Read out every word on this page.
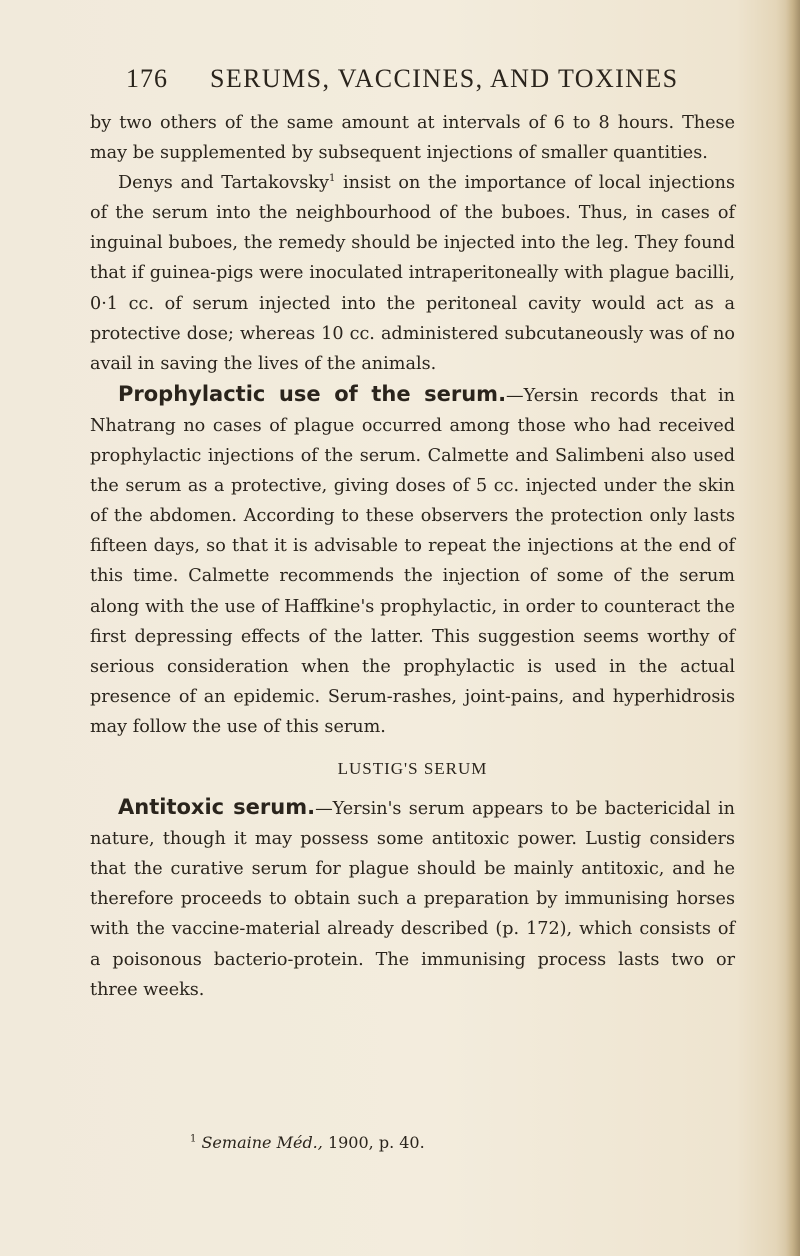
176 SERUMS, VACCINES, AND TOXINES

by two others of the same amount at intervals of 6 to 8 hours. These may be supplemented by subsequent injections of smaller quantities.

Denys and Tartakovsky$^1$ insist on the importance of local injections of the serum into the neighbourhood of the buboes. Thus, in cases of inguinal buboes, the remedy should be injected into the leg. They found that if guinea-pigs were inoculated intraperitoneally with plague bacilli, 0·1 cc. of serum injected into the peritoneal cavity would act as a protective dose; whereas 10 cc. administered subcutaneously was of no avail in saving the lives of the animals.

Prophylactic use of the serum.—Yersin records that in Nhatrang no cases of plague occurred among those who had received prophylactic injections of the serum. Calmette and Salimbeni also used the serum as a protective, giving doses of 5 cc. injected under the skin of the abdomen. According to these observers the protection only lasts fifteen days, so that it is advisable to repeat the injections at the end of this time. Calmette recommends the injection of some of the serum along with the use of Haffkine's prophylactic, in order to counteract the first depressing effects of the latter. This suggestion seems worthy of serious consideration when the prophylactic is used in the actual presence of an epidemic. Serum-rashes, joint-pains, and hyperhidrosis may follow the use of this serum.

LUSTIG'S SERUM

Antitoxic serum.—Yersin's serum appears to be bactericidal in nature, though it may possess some antitoxic power. Lustig considers that the curative serum for plague should be mainly antitoxic, and he therefore proceeds to obtain such a preparation by immunising horses with the vaccine-material already described (p. 172), which consists of a poisonous bacterio-protein. The immunising process lasts two or three weeks.

$^1$ Semaine Méd., 1900, p. 40.
